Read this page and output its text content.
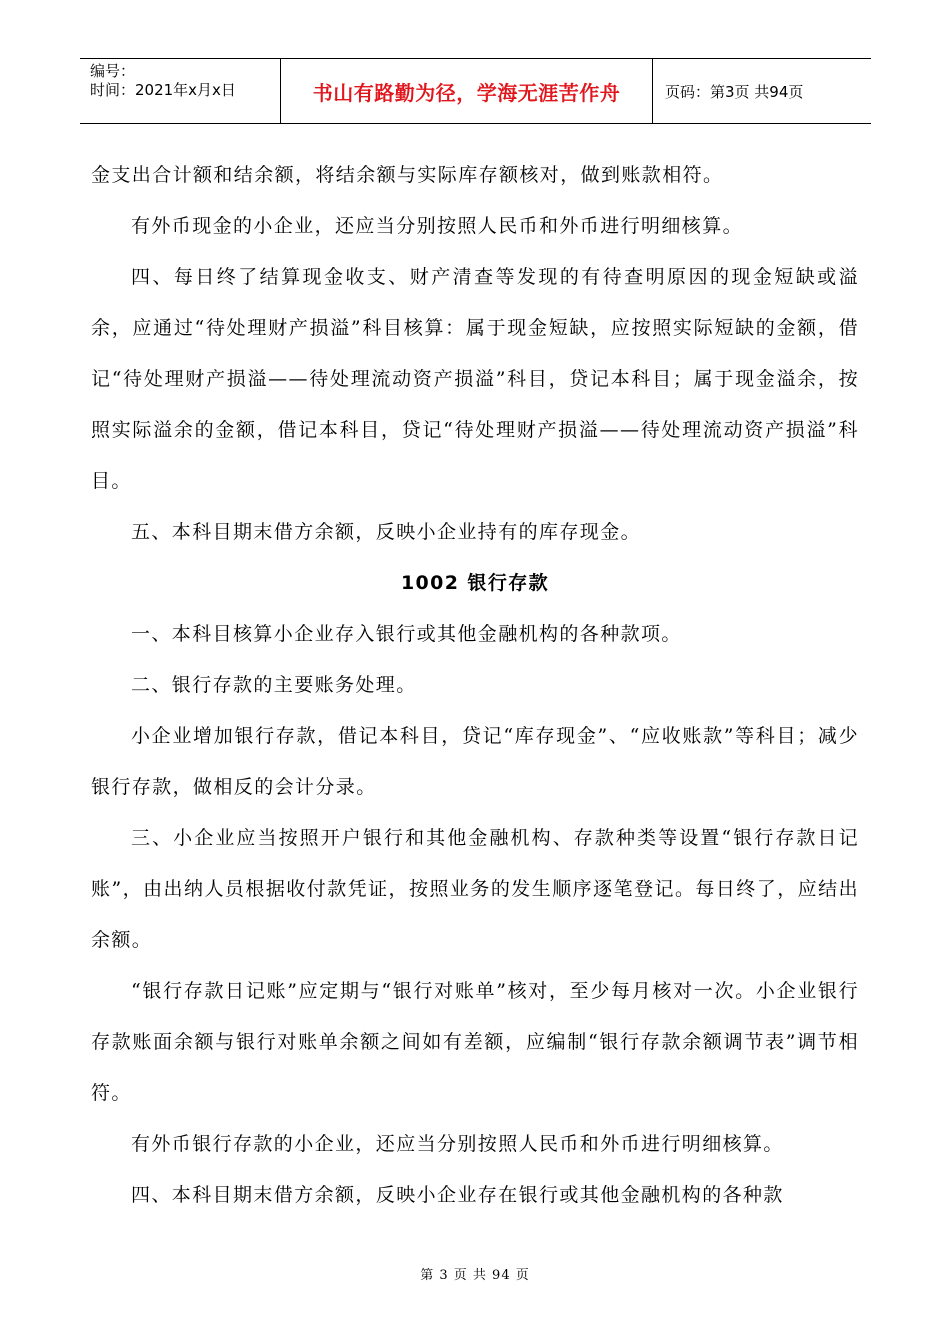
编号：
时间：2021年x月x日	书山有路勤为径，学海无涯苦作舟	页码：第3页 共94页

金支出合计额和结余额，将结余额与实际库存额核对，做到账款相符。

有外币现金的小企业，还应当分别按照人民币和外币进行明细核算。

四、每日终了结算现金收支、财产清查等发现的有待查明原因的现金短缺或溢余，应通过“待处理财产损溢”科目核算：属于现金短缺，应按照实际短缺的金额，借记“待处理财产损溢——待处理流动资产损溢”科目，贷记本科目；属于现金溢余，按照实际溢余的金额，借记本科目，贷记“待处理财产损溢——待处理流动资产损溢”科目。

五、本科目期末借方余额，反映小企业持有的库存现金。

1002 银行存款

一、本科目核算小企业存入银行或其他金融机构的各种款项。

二、银行存款的主要账务处理。

小企业增加银行存款，借记本科目，贷记“库存现金”、“应收账款”等科目；减少银行存款，做相反的会计分录。

三、小企业应当按照开户银行和其他金融机构、存款种类等设置“银行存款日记账”，由出纳人员根据收付款凭证，按照业务的发生顺序逐笔登记。每日终了，应结出余额。

“银行存款日记账”应定期与“银行对账单”核对，至少每月核对一次。小企业银行存款账面余额与银行对账单余额之间如有差额，应编制“银行存款余额调节表”调节相符。

有外币银行存款的小企业，还应当分别按照人民币和外币进行明细核算。

四、本科目期末借方余额，反映小企业存在银行或其他金融机构的各种款

第 3 页 共 94 页
